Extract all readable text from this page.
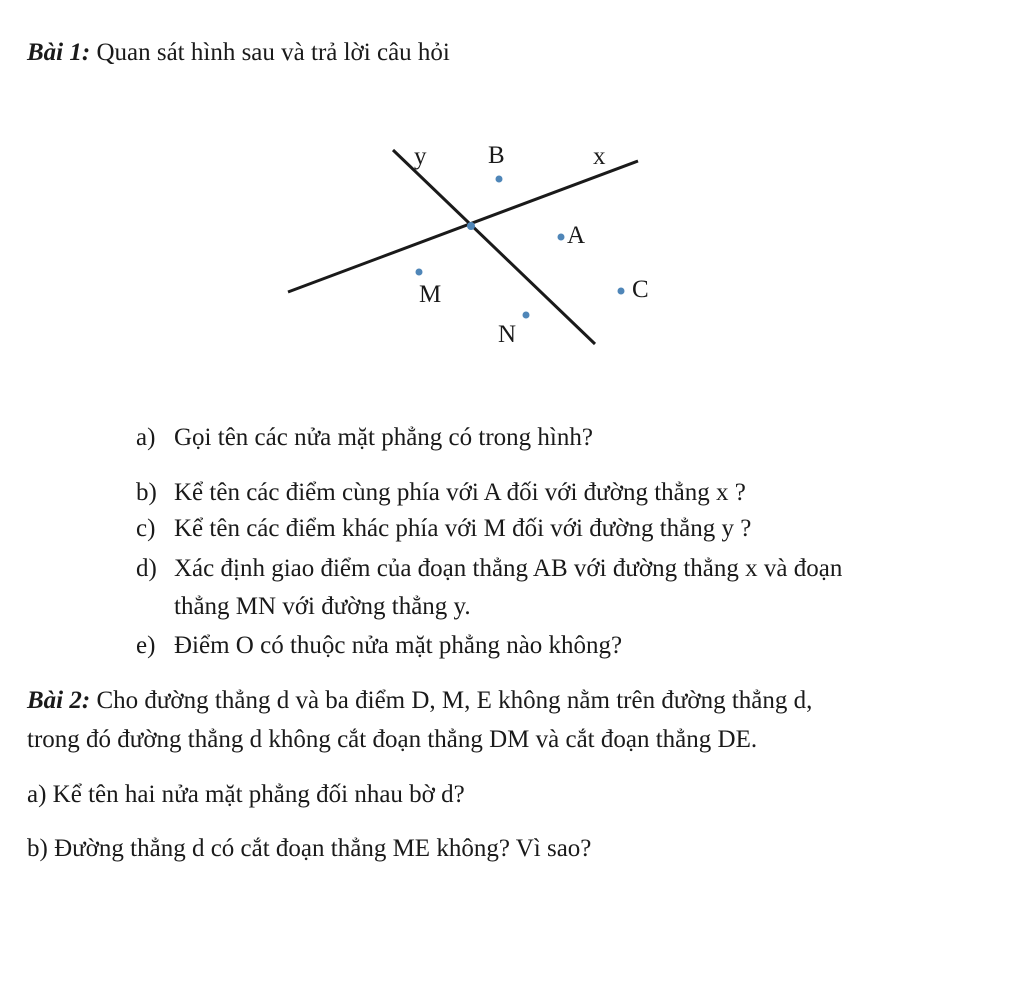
Bài 1: Quan sát hình sau và trả lời câu hỏi
y	x
B
A
M	C
N
a) Gọi tên các nửa mặt phẳng có trong hình?
b) Kể tên các điểm cùng phía với A đối với đường thẳng x ?
c) Kể tên các điểm khác phía với M đối với đường thẳng y ?
d) Xác định giao điểm của đoạn thẳng AB với đường thẳng x và đoạn
thẳng MN với đường thẳng y.
e) Điểm O có thuộc nửa mặt phẳng nào không?
Bài 2: Cho đường thẳng d và ba điểm D, M, E không nằm trên đường thẳng d,
trong đó đường thẳng d không cắt đoạn thẳng DM và cắt đoạn thẳng DE.
a) Kể tên hai nửa mặt phẳng đối nhau bờ d?
b) Đường thẳng d có cắt đoạn thẳng ME không? Vì sao?
